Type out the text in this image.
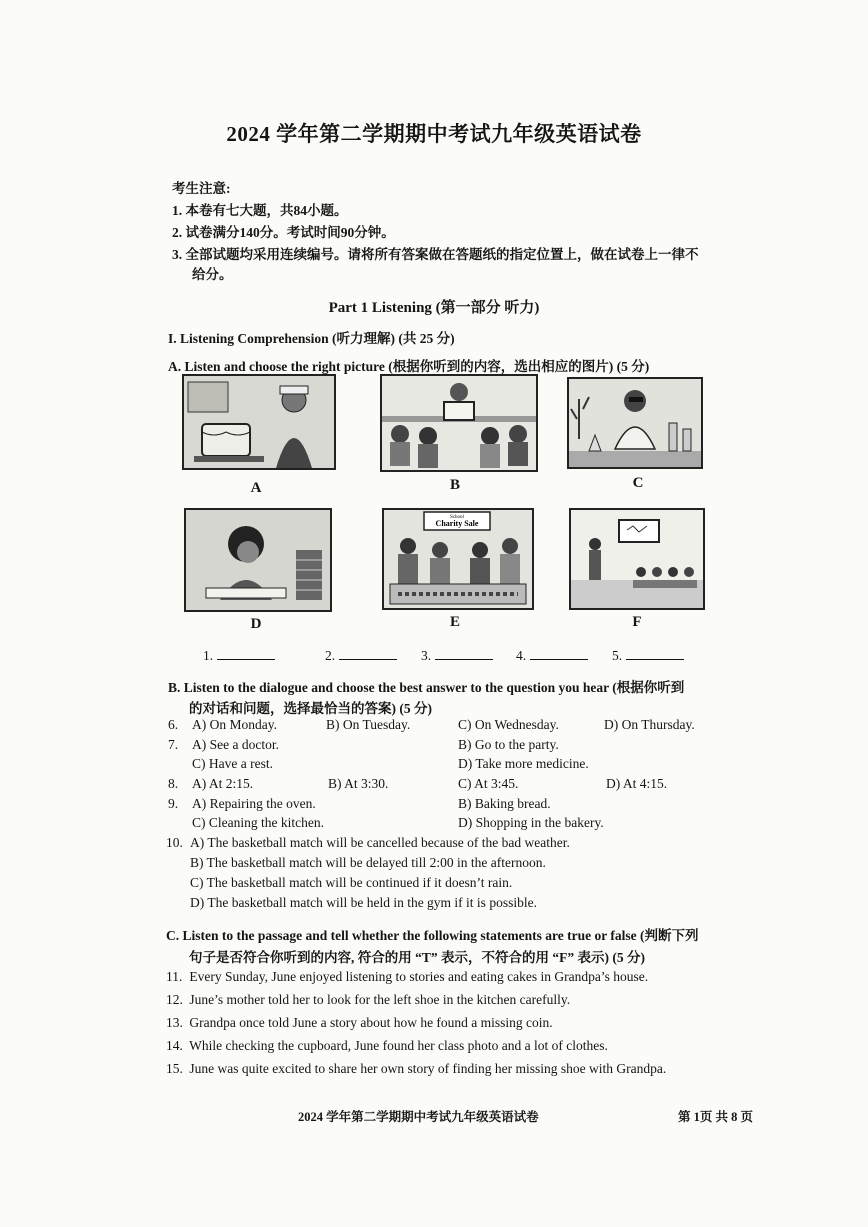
2024 学年第二学期期中考试九年级英语试卷
考生注意:
1. 本卷有七大题，共84小题。
2. 试卷满分140分。考试时间90分钟。
3. 全部试题均采用连续编号。请将所有答案做在答题纸的指定位置上，做在试卷上一律不
给分。
Part 1 Listening (第一部分 听力)
I. Listening Comprehension (听力理解) (共 25 分)
A. Listen and choose the right picture (根据你听到的内容，选出相应的图片) (5 分)
A	B	C
School
Charity Sale
D	E	F
1.	2.	3.	4.	5.
B. Listen to the dialogue and choose the best answer to the question you hear (根据你听到
的对话和问题，选择最恰当的答案) (5 分)
6. A) On Monday.	B) On Tuesday.	C) On Wednesday.	D) On Thursday.
7. A) See a doctor.	B) Go to the party.
C) Have a rest.	D) Take more medicine.
8. A) At 2:15.	B) At 3:30.	C) At 3:45.	D) At 4:15.
9. A) Repairing the oven.	B) Baking bread.
C) Cleaning the kitchen.	D) Shopping in the bakery.
10. A) The basketball match will be cancelled because of the bad weather.
B) The basketball match will be delayed till 2:00 in the afternoon.
C) The basketball match will be continued if it doesn’t rain.
D) The basketball match will be held in the gym if it is possible.
C. Listen to the passage and tell whether the following statements are true or false (判断下列
句子是否符合你听到的内容, 符合的用 “T” 表示，不符合的用 “F” 表示) (5 分)
11. Every Sunday, June enjoyed listening to stories and eating cakes in Grandpa’s house.
12. June’s mother told her to look for the left shoe in the kitchen carefully.
13. Grandpa once told June a story about how he found a missing coin.
14. While checking the cupboard, June found her class photo and a lot of clothes.
15. June was quite excited to share her own story of finding her missing shoe with Grandpa.
2024 学年第二学期期中考试九年级英语试卷	第 1页 共 8 页
